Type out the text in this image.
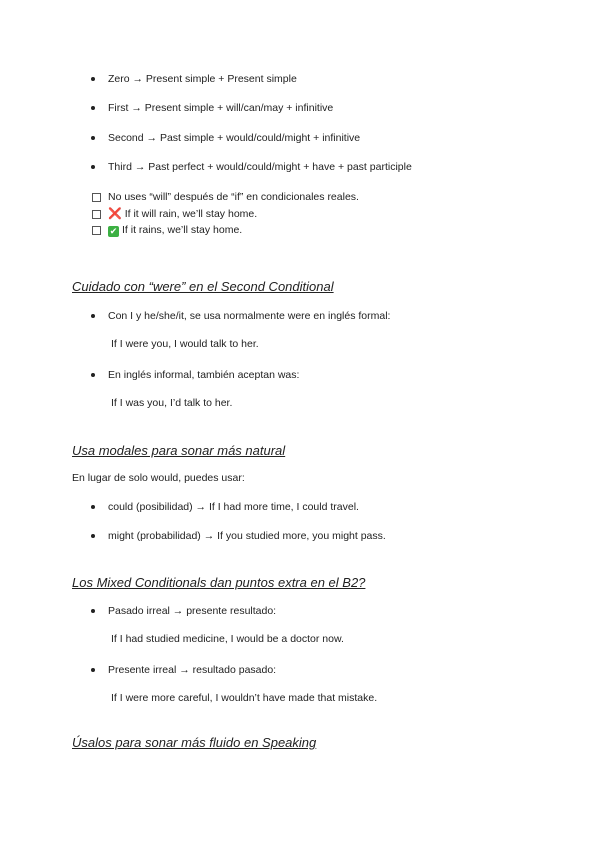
Zero → Present simple + Present simple
First → Present simple + will/can/may + infinitive
Second → Past simple + would/could/might + infinitive
Third → Past perfect + would/could/might + have + past participle
No uses “will” después de “if” en condicionales reales.
❌ If it will rain, we’ll stay home.
✔ If it rains, we’ll stay home.
Cuidado con “were” en el Second Conditional
Con I y he/she/it, se usa normalmente were en inglés formal:
If I were you, I would talk to her.
En inglés informal, también aceptan was:
If I was you, I’d talk to her.
Usa modales para sonar más natural
En lugar de solo would, puedes usar:
could (posibilidad) → If I had more time, I could travel.
might (probabilidad) → If you studied more, you might pass.
Los Mixed Conditionals dan puntos extra en el B2?
Pasado irreal → presente resultado:
If I had studied medicine, I would be a doctor now.
Presente irreal → resultado pasado:
If I were more careful, I wouldn’t have made that mistake.
Úsalos para sonar más fluido en Speaking
